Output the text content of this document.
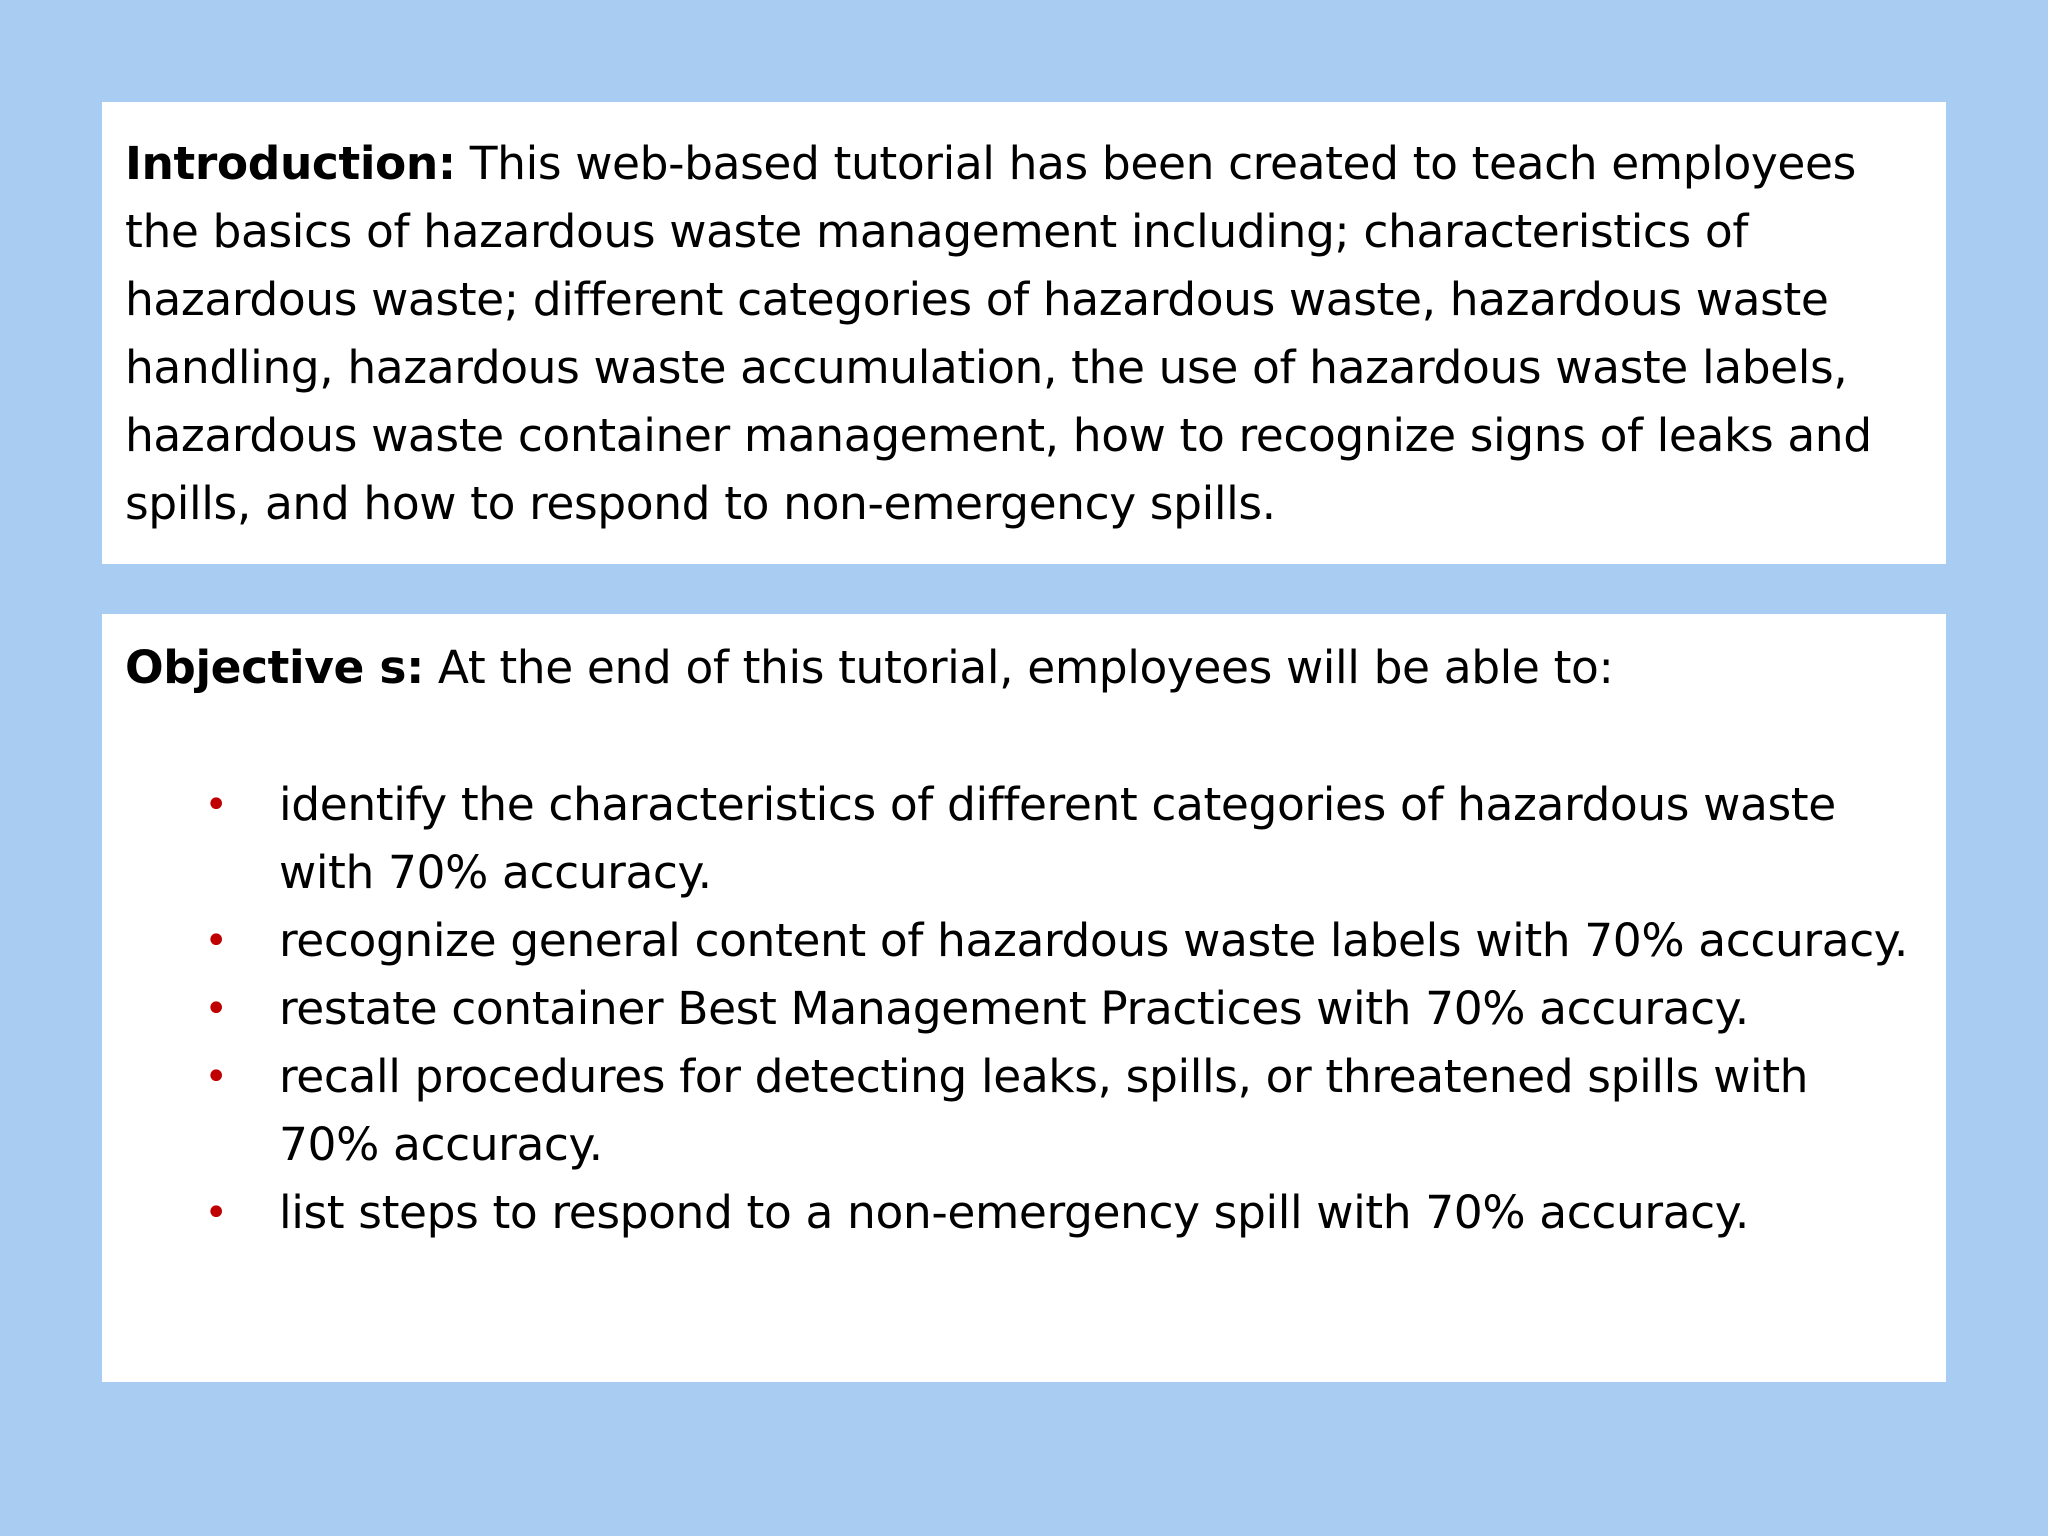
Introduction: This web-based tutorial has been created to teach employees the basics of hazardous waste management including; characteristics of hazardous waste; different categories of hazardous waste, hazardous waste handling, hazardous waste accumulation, the use of hazardous waste labels, hazardous waste container management, how to recognize signs of leaks and spills, and how to respond to non-emergency spills.

Objective s: At the end of this tutorial, employees will be able to:

• identify the characteristics of different categories of hazardous waste with 70% accuracy.
• recognize general content of hazardous waste labels with 70% accuracy.
• restate container Best Management Practices with 70% accuracy.
• recall procedures for detecting leaks, spills, or threatened spills with 70% accuracy.
• list steps to respond to a non-emergency spill with 70% accuracy.
